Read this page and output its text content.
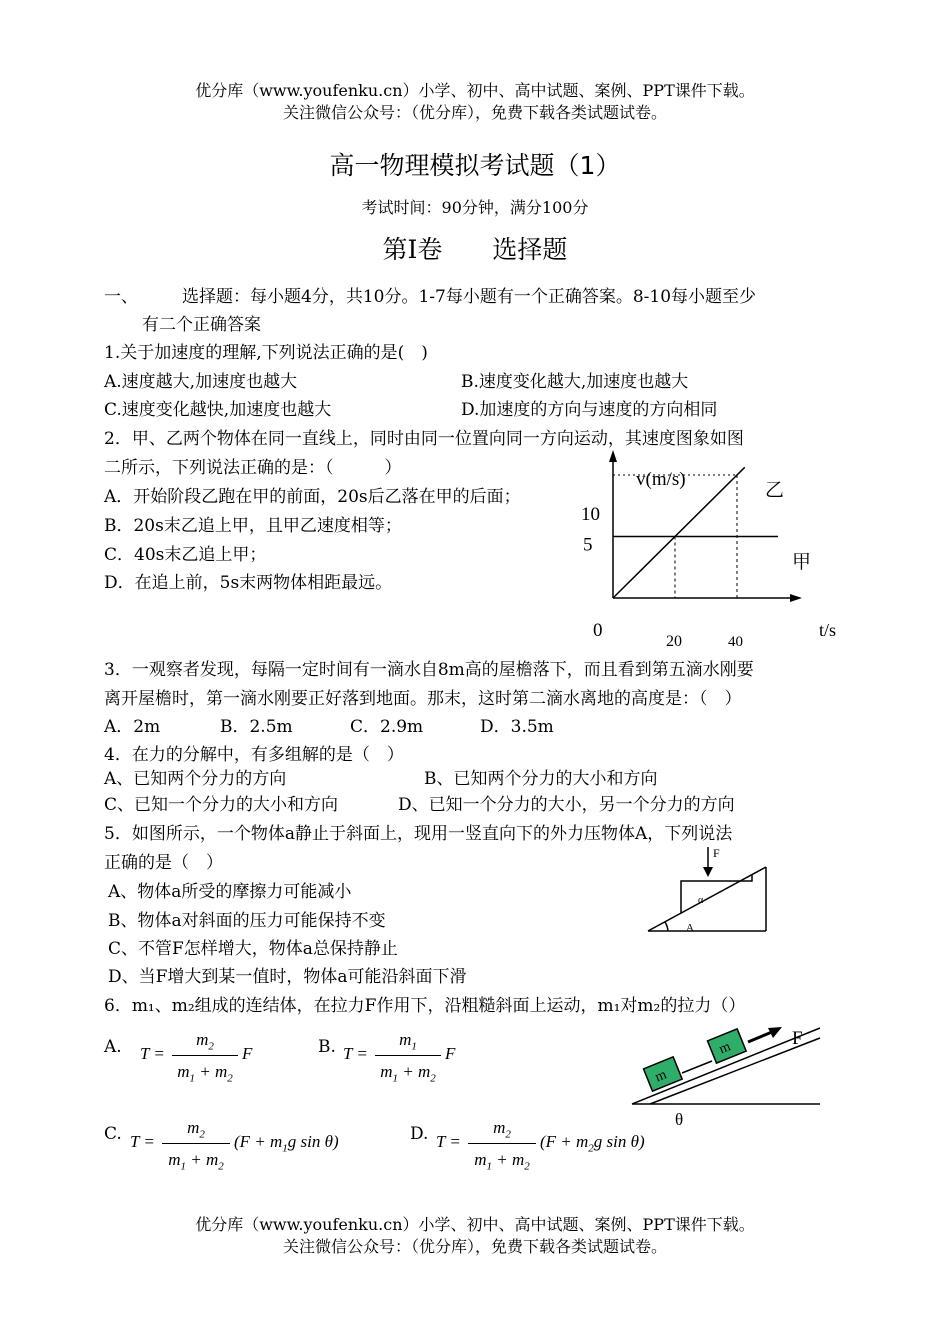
优分库（www.youfenku.cn）小学、初中、高中试题、案例、PPT课件下载。
关注微信公众号：（优分库），免费下载各类试题试卷。
高一物理模拟考试题（1）
考试时间：90分钟，满分100分
第Ⅰ卷　　选择题
一、	选择题：每小题4分，共10分。1-7每小题有一个正确答案。8-10每小题至少
有二个正确答案
1.关于加速度的理解,下列说法正确的是(　)
A.速度越大,加速度也越大	B.速度变化越大,加速度也越大
C.速度变化越快,加速度也越大	D.加速度的方向与速度的方向相同
2．甲、乙两个物体在同一直线上，同时由同一位置向同一方向运动，其速度图象如图
二所示，下列说法正确的是：（　　　）
A．开始阶段乙跑在甲的前面，20s后乙落在甲的后面；
B．20s末乙追上甲，且甲乙速度相等；
C．40s末乙追上甲；
D．在追上前，5s末两物体相距最远。
0
20	40
t/s
5
10
v(m/s)
乙
甲
3．一观察者发现，每隔一定时间有一滴水自8m高的屋檐落下，而且看到第五滴水刚要
离开屋檐时，第一滴水刚要正好落到地面。那末，这时第二滴水离地的高度是：（　）
A．2m	B．2.5m	C．2.9m	D．3.5m
4．在力的分解中，有多组解的是（　）
A、已知两个分力的方向	B、已知两个分力的大小和方向
C、已知一个分力的大小和方向	D、已知一个分力的大小，另一个分力的方向
5．如图所示，一个物体a静止于斜面上，现用一竖直向下的外力压物体A，下列说法
正确的是（　）
A、物体a所受的摩擦力可能减小
B、物体a对斜面的压力可能保持不变
C、不管F怎样增大，物体a总保持静止
D、当F增大到某一值时，物体a可能沿斜面下滑
F
α
A
6．m₁、m₂组成的连结体，在拉力F作用下，沿粗糙斜面上运动，m₁对m₂的拉力（）
A. T =
$m_2$
$m_1 + m_2$
F	B. T =
$m_1$
$m_1 + m_2$
F
C. T =
$m_2$
$m_1 + m_2$
($F + m_1g$ sin θ)	D. T =
$m_2$
$m_1 + m_2$
($F + m_2g$ sin θ)
m
m	F
θ
优分库（www.youfenku.cn）小学、初中、高中试题、案例、PPT课件下载。
关注微信公众号：（优分库），免费下载各类试题试卷。
